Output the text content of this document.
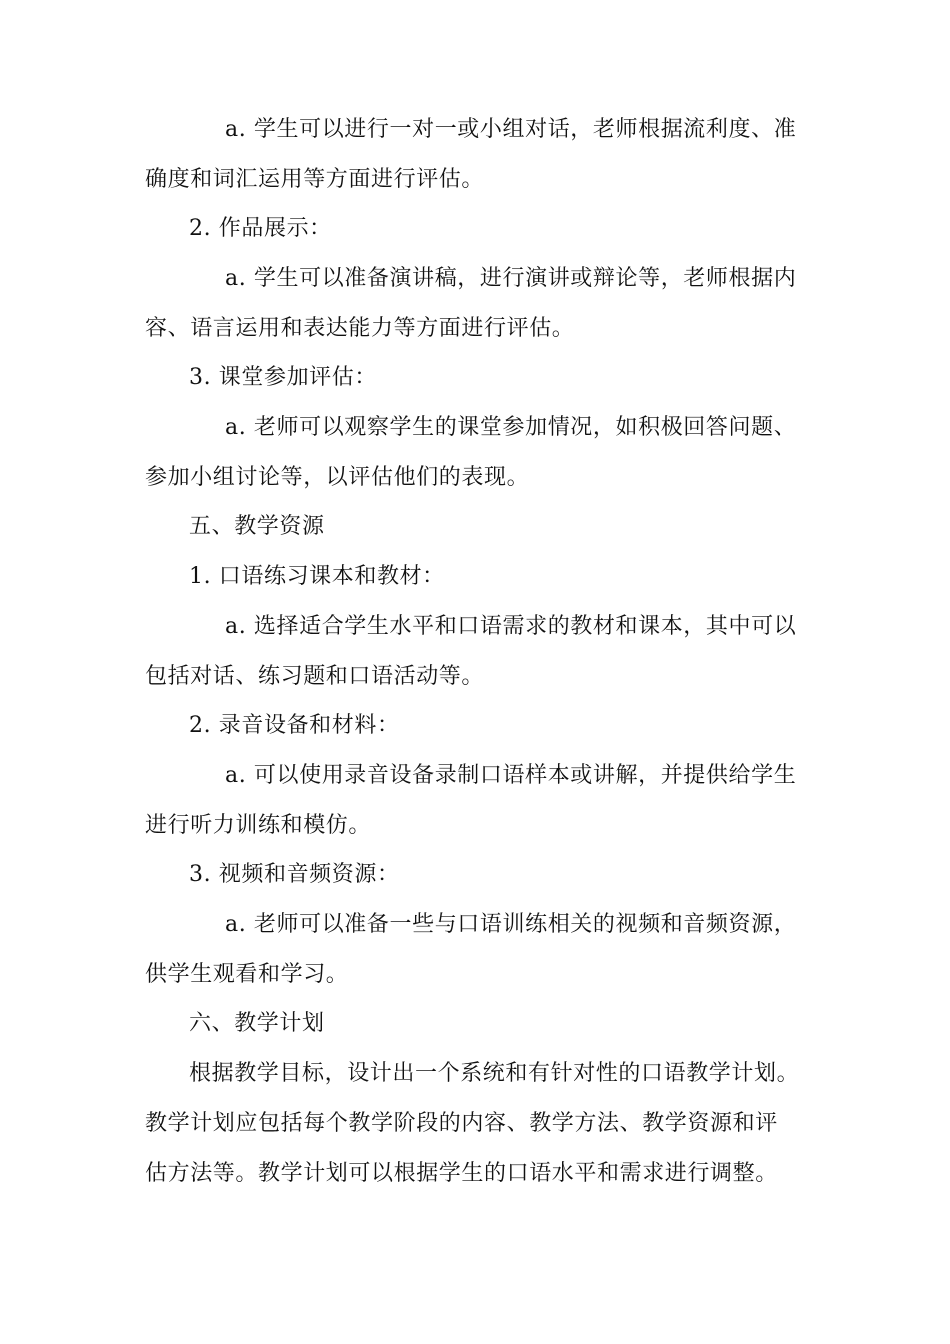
a. 学生可以进行一对一或小组对话，老师根据流利度、准确度和词汇运用等方面进行评估。

2. 作品展示：

a. 学生可以准备演讲稿，进行演讲或辩论等，老师根据内容、语言运用和表达能力等方面进行评估。

3. 课堂参加评估：

a. 老师可以观察学生的课堂参加情况，如积极回答问题、参加小组讨论等，以评估他们的表现。

五、教学资源

1. 口语练习课本和教材：

a. 选择适合学生水平和口语需求的教材和课本，其中可以包括对话、练习题和口语活动等。

2. 录音设备和材料：

a. 可以使用录音设备录制口语样本或讲解，并提供给学生进行听力训练和模仿。

3. 视频和音频资源：

a. 老师可以准备一些与口语训练相关的视频和音频资源，供学生观看和学习。

六、教学计划

根据教学目标，设计出一个系统和有针对性的口语教学计划。教学计划应包括每个教学阶段的内容、教学方法、教学资源和评估方法等。教学计划可以根据学生的口语水平和需求进行调整。
